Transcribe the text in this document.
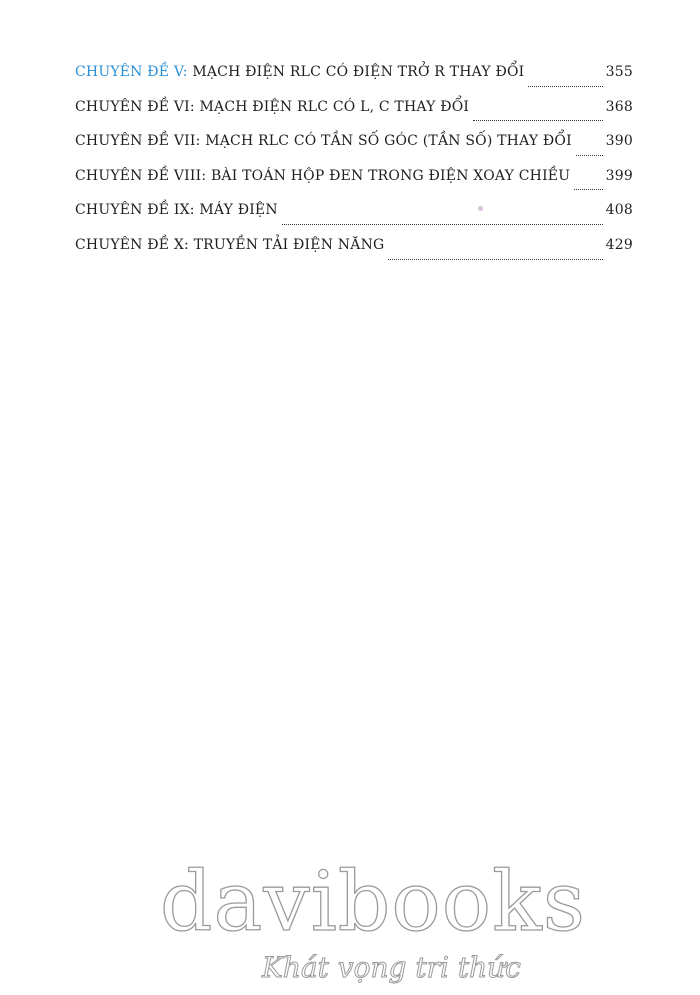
CHUYÊN ĐỀ V:
MẠCH ĐIỆN RLC CÓ ĐIỆN TRỞ R THAY ĐỔI	355
CHUYÊN ĐỀ VI:
MẠCH ĐIỆN RLC CÓ L, C THAY ĐỔI	368
CHUYÊN ĐỀ VII:
MẠCH RLC CÓ TẦN SỐ GÓC (TẦN SỐ) THAY ĐỔI 390
CHUYÊN ĐỀ VIII:
BÀI TOÁN HỘP ĐEN TRONG ĐIỆN XOAY CHIỀU	399
CHUYÊN ĐỀ IX:
MÁY ĐIỆN	408
CHUYÊN ĐỀ X:
TRUYỀN TẢI ĐIỆN NĂNG	429
davibooks
Khát vọng tri thức
